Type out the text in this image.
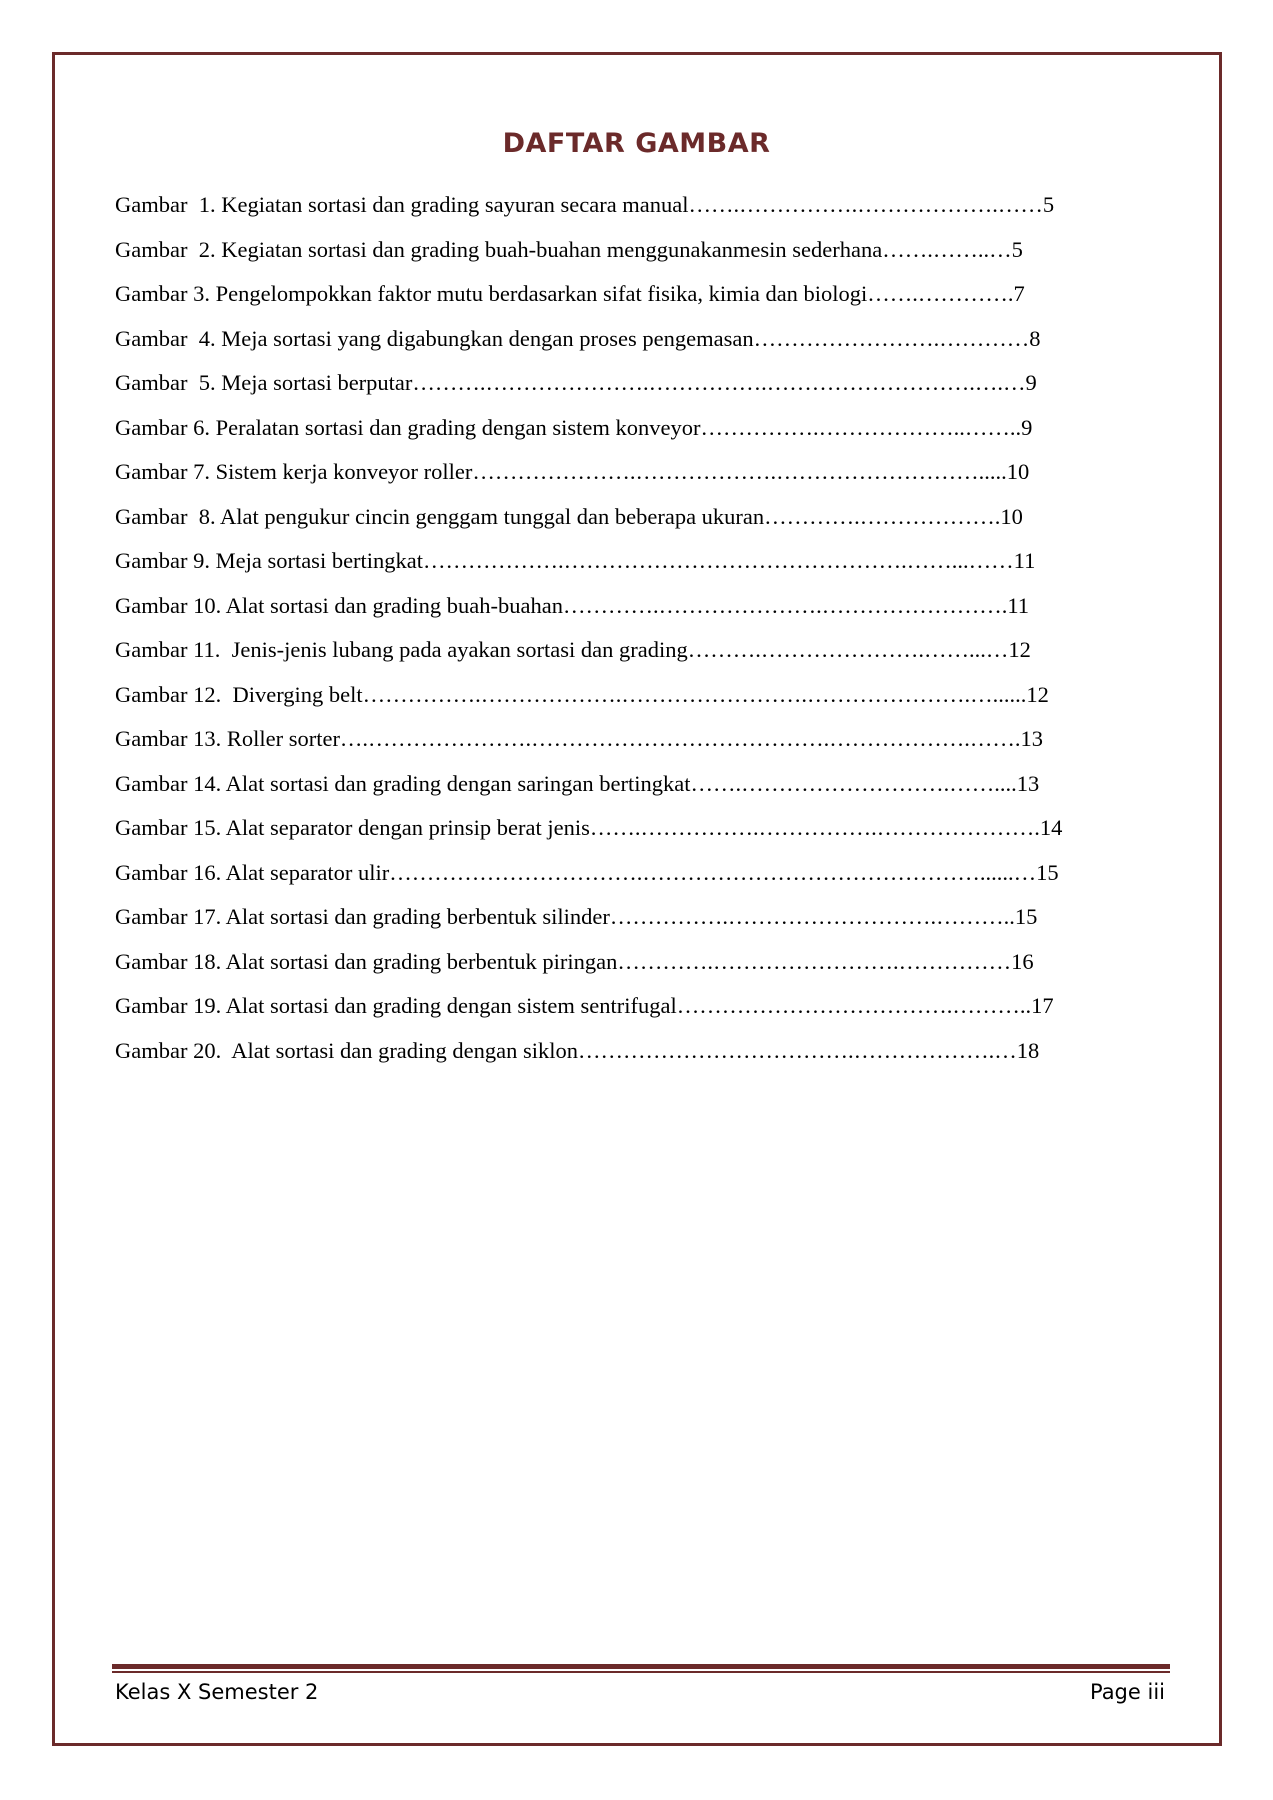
DAFTAR GAMBAR
Gambar  1. Kegiatan sortasi dan grading sayuran secara manual…….…………….……………….……5
Gambar  2. Kegiatan sortasi dan grading buah-buahan menggunakanmesin sederhana…….……..…5
Gambar 3. Pengelompokkan faktor mutu berdasarkan sifat fisika, kimia dan biologi…….………….7
Gambar  4. Meja sortasi yang digabungkan dengan proses pengemasan…………………….…………8
Gambar  5. Meja sortasi berputar……….………………….…………….……………………….….…9
Gambar 6. Peralatan sortasi dan grading dengan sistem konveyor…………….………………..……..9
Gambar 7. Sistem kerja konveyor roller………………….……………….……………………….....10
Gambar  8. Alat pengukur cincin genggam tunggal dan beberapa ukuran………….……………….10
Gambar 9. Meja sortasi bertingkat……………….……………………………………….……...……11
Gambar 10. Alat sortasi dan grading buah-buahan………….………………….…………………….11
Gambar 11.  Jenis-jenis lubang pada ayakan sortasi dan grading……….………………….……...…12
Gambar 12.  Diverging belt…………….……………….…………………….………………….…......12
Gambar 13. Roller sorter….………………….………………………………….……………….…….13
Gambar 14. Alat sortasi dan grading dengan saringan bertingkat…….……………………….……....13
Gambar 15. Alat separator dengan prinsip berat jenis…….…………….…………….………………….14
Gambar 16. Alat separator ulir…………………………….………………………………………......…15
Gambar 17. Alat sortasi dan grading berbentuk silinder…………….……………………….………..15
Gambar 18. Alat sortasi dan grading berbentuk piringan………….…………………….……………16
Gambar 19. Alat sortasi dan grading dengan sistem sentrifugal……………………………….………..17
Gambar 20.  Alat sortasi dan grading dengan siklon……………………………….……………….…18
Kelas X Semester 2	Page iii
